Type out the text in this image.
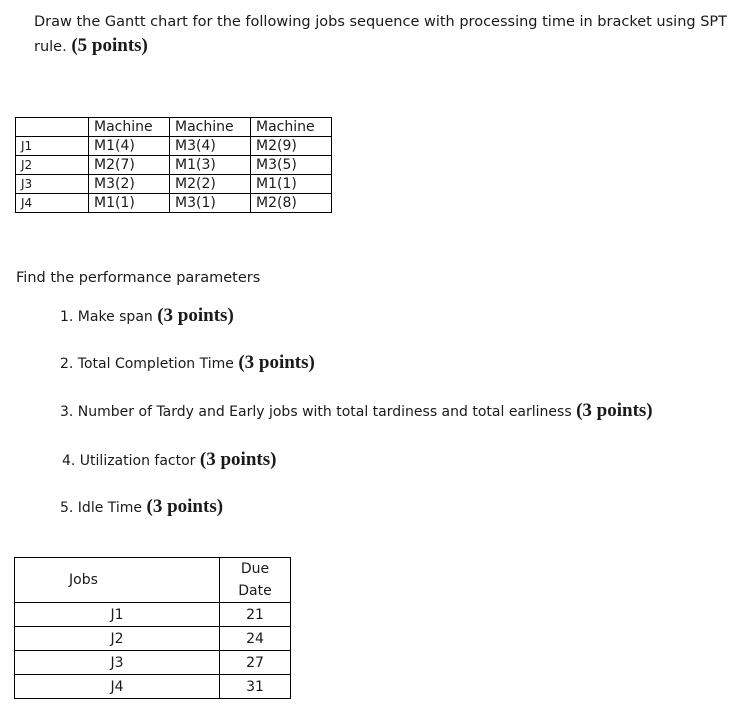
Draw the Gantt chart for the following jobs sequence with processing time in bracket using SPT rule. (5 points)
	Machine	Machine	Machine
J1	M1(4)	M3(4)	M2(9)
J2	M2(7)	M1(3)	M3(5)
J3	M3(2)	M2(2)	M1(1)
J4	M1(1)	M3(1)	M2(8)
Find the performance parameters
1. Make span (3 points)
2. Total Completion Time (3 points)
3. Number of Tardy and Early jobs with total tardiness and total earliness (3 points)
4. Utilization factor (3 points)
5. Idle Time (3 points)
Jobs	Due
Date

J1	21
J2	24
J3	27
J4	31
